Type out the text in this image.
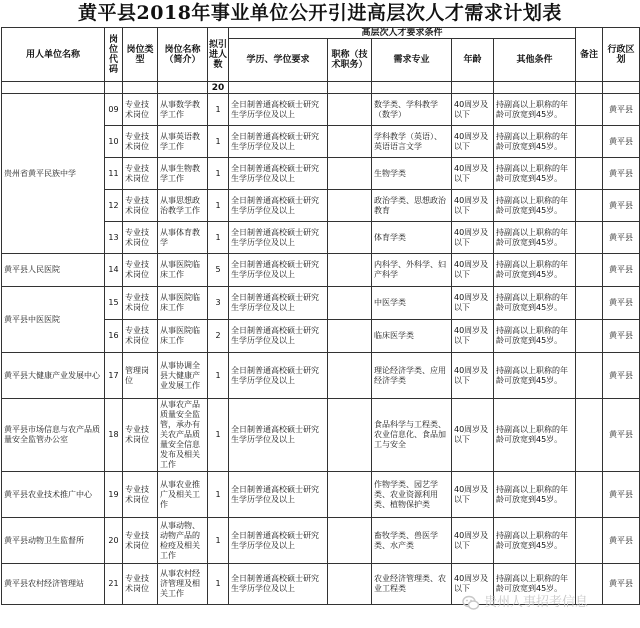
黄平县2018年事业单位公开引进高层次人才需求计划表
用人单位名称	岗位代码	岗位类型	岗位名称（简介）	拟引进人数	高层次人才要求条件					备注	行政区划
					学历、学位要求	职称（技术职务）	需求专业	年龄	其他条件		
				20							
贵州省黄平民族中学	09	专业技术岗位	从事数学教学工作	1	全日制普通高校硕士研究生学历学位及以上		数学类、学科教学（数学）	40周岁及以下	持副高以上职称的年龄可放宽到45岁。		黄平县
	10	专业技术岗位	从事英语教学工作	1	全日制普通高校硕士研究生学历学位及以上		学科教学（英语）、英语语言文学	40周岁及以下	持副高以上职称的年龄可放宽到45岁。		黄平县
	11	专业技术岗位	从事生物教学工作	1	全日制普通高校硕士研究生学历学位及以上		生物学类	40周岁及以下	持副高以上职称的年龄可放宽到45岁。		黄平县
	12	专业技术岗位	从事思想政治教学工作	1	全日制普通高校硕士研究生学历学位及以上		政治学类、思想政治教育	40周岁及以下	持副高以上职称的年龄可放宽到45岁。		黄平县
	13	专业技术岗位	从事体育教学	1	全日制普通高校硕士研究生学历学位及以上		体育学类	40周岁及以下	持副高以上职称的年龄可放宽到45岁。		黄平县
黄平县人民医院	14	专业技术岗位	从事医院临床工作	5	全日制普通高校硕士研究生学历学位及以上		内科学、外科学、妇产科学	40周岁及以下	持副高以上职称的年龄可放宽到45岁。		黄平县
黄平县中医医院	15	专业技术岗位	从事医院临床工作	3	全日制普通高校硕士研究生学历学位及以上		中医学类	40周岁及以下	持副高以上职称的年龄可放宽到45岁。		黄平县
	16	专业技术岗位	从事医院临床工作	2	全日制普通高校硕士研究生学历学位及以上		临床医学类	40周岁及以下	持副高以上职称的年龄可放宽到45岁。		黄平县
黄平县大健康产业发展中心	17	管理岗位	从事协调全县大健康产业发展工作	1	全日制普通高校硕士研究生学历学位及以上		理论经济学类、应用经济学类	40周岁及以下	持副高以上职称的年龄可放宽到45岁。		黄平县
黄平县市场信息与农产品质量安全监管办公室	18	专业技术岗位	从事农产品质量安全监管，承办有关农产品质量安全信息发布及相关工作	1	全日制普通高校硕士研究生学历学位及以上		食品科学与工程类、农业信息化、食品加工与安全	40周岁及以下	持副高以上职称的年龄可放宽到45岁。		黄平县
黄平县农业技术推广中心	19	专业技术岗位	从事农业推广及相关工作	1	全日制普通高校硕士研究生学历学位及以上		作物学类、园艺学类、农业资源利用类、植物保护类	40周岁及以下	持副高以上职称的年龄可放宽到45岁。		黄平县
黄平县动物卫生监督所	20	专业技术岗位	从事动物、动物产品的检疫及相关工作	1	全日制普通高校硕士研究生学历学位及以上		畜牧学类、兽医学类、水产类	40周岁及以下	持副高以上职称的年龄可放宽到45岁。		黄平县
黄平县农村经济管理站	21	专业技术岗位	从事农村经济管理及相关工作	1	全日制普通高校硕士研究生学历学位及以上		农业经济管理类、农业工程类	40周岁及以下	持副高以上职称的年龄可放宽到45岁。		黄平县
贵州人事招考信息
